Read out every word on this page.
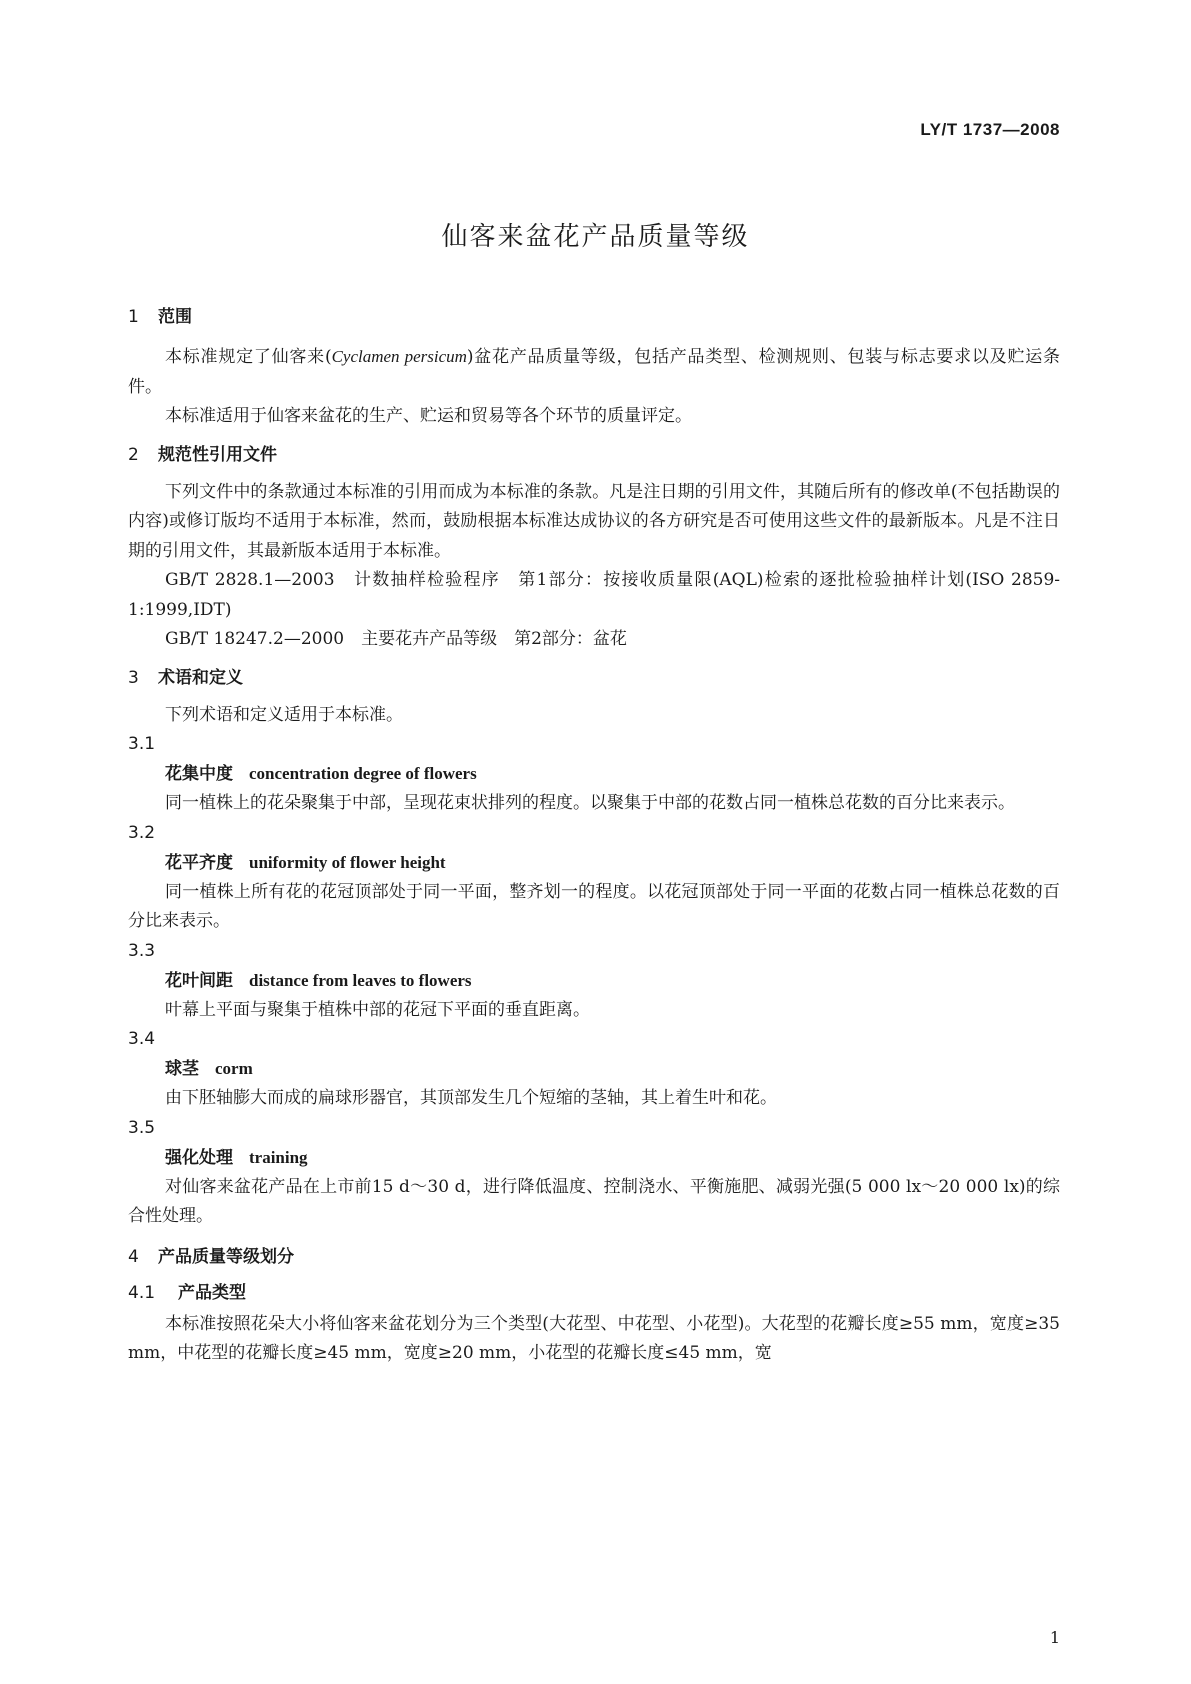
LY/T 1737—2008
仙客来盆花产品质量等级
1 范围

本标准规定了仙客来(Cyclamen persicum)盆花产品质量等级，包括产品类型、检测规则、包装与标志要求以及贮运条件。

本标准适用于仙客来盆花的生产、贮运和贸易等各个环节的质量评定。

2 规范性引用文件

下列文件中的条款通过本标准的引用而成为本标准的条款。凡是注日期的引用文件，其随后所有的修改单(不包括勘误的内容)或修订版均不适用于本标准，然而，鼓励根据本标准达成协议的各方研究是否可使用这些文件的最新版本。凡是不注日期的引用文件，其最新版本适用于本标准。

GB/T 2828.1—2003　 计数抽样检验程序　 第1部分：按接收质量限(AQL)检索的逐批检验抽样计划(ISO 2859-1:1999,IDT)

GB/T 18247.2—2000　 主要花卉产品等级　 第2部分：盆花
3 术语和定义

下列术语和定义适用于本标准。

3.1
花集中度 concentration degree of flowers

同一植株上的花朵聚集于中部，呈现花束状排列的程度。以聚集于中部的花数占同一植株总花数的百分比来表示。

3.2
花平齐度 uniformity of flower height

同一植株上所有花的花冠顶部处于同一平面，整齐划一的程度。以花冠顶部处于同一平面的花数占同一植株总花数的百分比来表示。

3.3
花叶间距 distance from leaves to flowers

叶幕上平面与聚集于植株中部的花冠下平面的垂直距离。

3.4
球茎 corm

由下胚轴膨大而成的扁球形器官，其顶部发生几个短缩的茎轴，其上着生叶和花。

3.5
强化处理 training

对仙客来盆花产品在上市前15 d～30 d，进行降低温度、控制浇水、平衡施肥、减弱光强(5 000 lx～20 000 lx)的综合性处理。

4 产品质量等级划分
4.1 产品类型

本标准按照花朵大小将仙客来盆花划分为三个类型(大花型、中花型、小花型)。大花型的花瓣长度≥55 mm，宽度≥35 mm，中花型的花瓣长度≥45 mm，宽度≥20 mm，小花型的花瓣长度≤45 mm，宽

1
